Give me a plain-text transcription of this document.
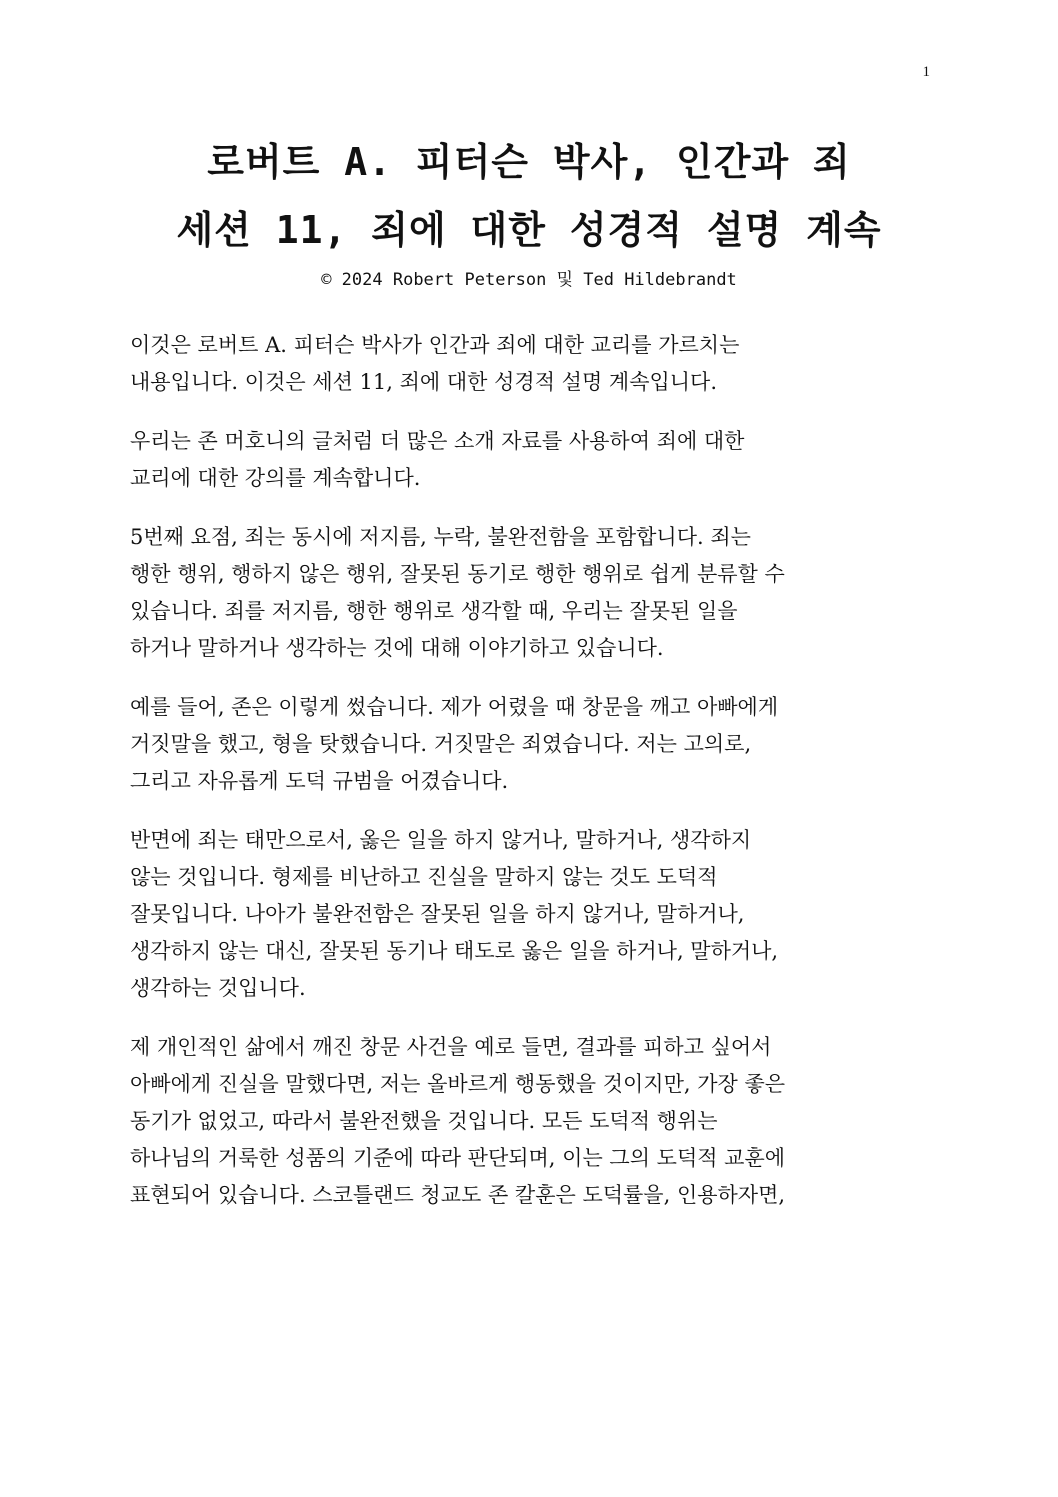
1
로버트 A. 피터슨 박사, 인간과 죄
세션 11, 죄에 대한 성경적 설명 계속
© 2024 Robert Peterson 및 Ted Hildebrandt
이것은 로버트 A. 피터슨 박사가 인간과 죄에 대한 교리를 가르치는
내용입니다. 이것은 세션 11, 죄에 대한 성경적 설명 계속입니다.
우리는 존 머호니의 글처럼 더 많은 소개 자료를 사용하여 죄에 대한
교리에 대한 강의를 계속합니다.
5번째 요점, 죄는 동시에 저지름, 누락, 불완전함을 포함합니다. 죄는
행한 행위, 행하지 않은 행위, 잘못된 동기로 행한 행위로 쉽게 분류할 수
있습니다. 죄를 저지름, 행한 행위로 생각할 때, 우리는 잘못된 일을
하거나 말하거나 생각하는 것에 대해 이야기하고 있습니다.
예를 들어, 존은 이렇게 썼습니다. 제가 어렸을 때 창문을 깨고 아빠에게
거짓말을 했고, 형을 탓했습니다. 거짓말은 죄였습니다. 저는 고의로,
그리고 자유롭게 도덕 규범을 어겼습니다.
반면에 죄는 태만으로서, 옳은 일을 하지 않거나, 말하거나, 생각하지
않는 것입니다. 형제를 비난하고 진실을 말하지 않는 것도 도덕적
잘못입니다. 나아가 불완전함은 잘못된 일을 하지 않거나, 말하거나,
생각하지 않는 대신, 잘못된 동기나 태도로 옳은 일을 하거나, 말하거나,
생각하는 것입니다.
제 개인적인 삶에서 깨진 창문 사건을 예로 들면, 결과를 피하고 싶어서
아빠에게 진실을 말했다면, 저는 올바르게 행동했을 것이지만, 가장 좋은
동기가 없었고, 따라서 불완전했을 것입니다. 모든 도덕적 행위는
하나님의 거룩한 성품의 기준에 따라 판단되며, 이는 그의 도덕적 교훈에
표현되어 있습니다. 스코틀랜드 청교도 존 칼훈은 도덕률을, 인용하자면,
